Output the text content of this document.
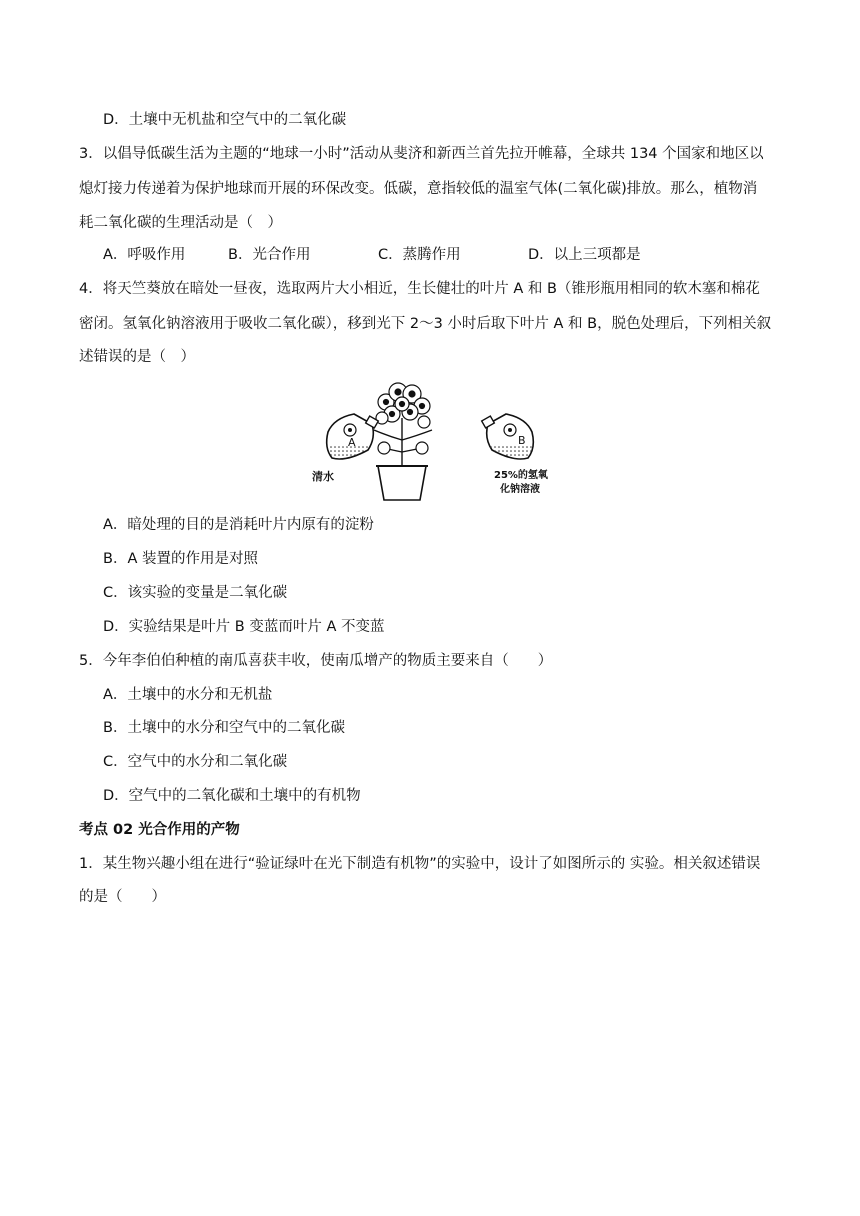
D．土壤中无机盐和空气中的二氧化碳
3．以倡导低碳生活为主题的“地球一小时”活动从斐济和新西兰首先拉开帷幕，全球共 134 个国家和地区以
熄灯接力传递着为保护地球而开展的环保改变。低碳，意指较低的温室气体(二氧化碳)排放。那么，植物消
耗二氧化碳的生理活动是（　）
A．呼吸作用	B．光合作用	C．蒸腾作用	D．以上三项都是
4．将天竺葵放在暗处一昼夜，选取两片大小相近，生长健壮的叶片 A 和 B（锥形瓶用相同的软木塞和棉花
密闭。氢氧化钠溶液用于吸收二氧化碳），移到光下 2～3 小时后取下叶片 A 和 B，脱色处理后，下列相关叙
述错误的是（　）
A	B
清水	25%的氢氧
化钠溶液
A．暗处理的目的是消耗叶片内原有的淀粉
B．A 装置的作用是对照
C．该实验的变量是二氧化碳
D．实验结果是叶片 B 变蓝而叶片 A 不变蓝
5．今年李伯伯种植的南瓜喜获丰收，使南瓜增产的物质主要来自（　　）
A．土壤中的水分和无机盐
B．土壤中的水分和空气中的二氧化碳
C．空气中的水分和二氧化碳
D．空气中的二氧化碳和土壤中的有机物
考点 02 光合作用的产物
1．某生物兴趣小组在进行“验证绿叶在光下制造有机物”的实验中，设计了如图所示的 实验。相关叙述错误
的是（　　）
